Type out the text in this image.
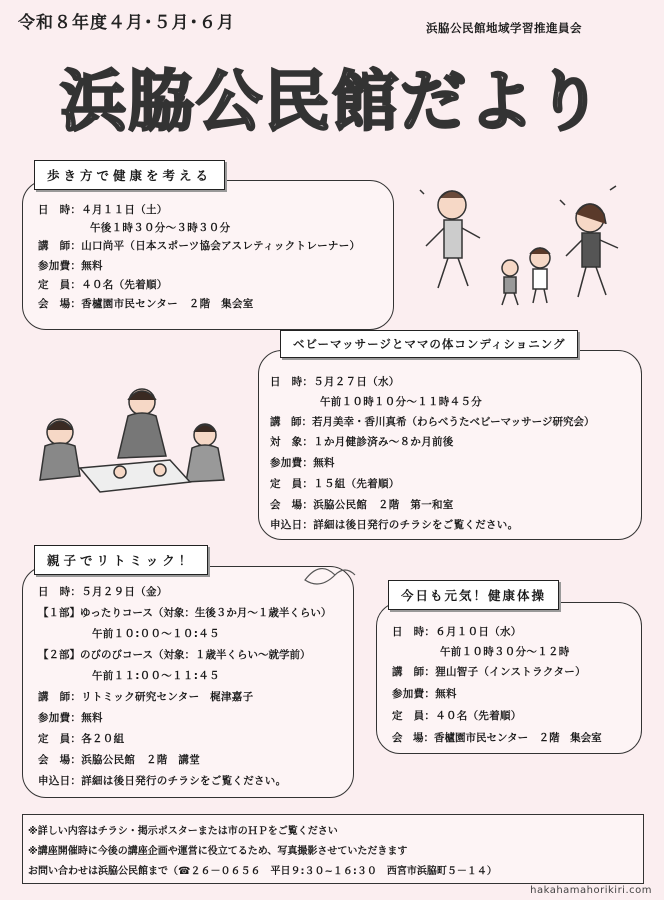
令和８年度４月･５月･６月	浜脇公民館地域学習推進員会
浜脇公民館だより
歩き方で健康を考える
日　時：４月１１日（土）
午後１時３０分～３時３０分
講　師：山口尚平（日本スポーツ協会アスレティックトレーナー）
参加費：無料
定　員：４０名（先着順）
会　場：香櫨園市民センター　２階　集会室
ベビーマッサージとママの体コンディショニング
日　時：５月２７日（水）
午前１０時１０分～１１時４５分
講　師：若月美幸・香川真希（わらべうたベビーマッサージ研究会）
対　象：１か月健診済み～８か月前後
参加費：無料
定　員：１５組（先着順）
会　場：浜脇公民館　２階　第一和室
申込日：詳細は後日発行のチラシをご覧ください。
親子でリトミック！
日　時：５月２９日（金）
【１部】ゆったりコース（対象：生後３か月～１歳半くらい）
午前１０:００～１０:４５
【２部】のびのびコース（対象：１歳半くらい～就学前）
午前１１:００～１１:４５
講　師：リトミック研究センター　梶津嘉子
参加費：無料
定　員：各２０組
会　場：浜脇公民館　２階　講堂
申込日：詳細は後日発行のチラシをご覧ください。
今日も元気！健康体操
日　時：６月１０日（水）
午前１０時３０分～１２時
講　師：狸山智子（インストラクター）
参加費：無料
定　員：４０名（先着順）
会　場：香櫨園市民センター　２階　集会室
※詳しい内容はチラシ・掲示ポスターまたは市のＨＰをご覧ください
※講座開催時に今後の講座企画や運営に役立てるため、写真撮影させていただきます
お問い合わせは浜脇公民館まで（☎２６－０６５６　平日９:３０~１６:３０　西宮市浜脇町５－１４）
hakahamahorikiri.com
